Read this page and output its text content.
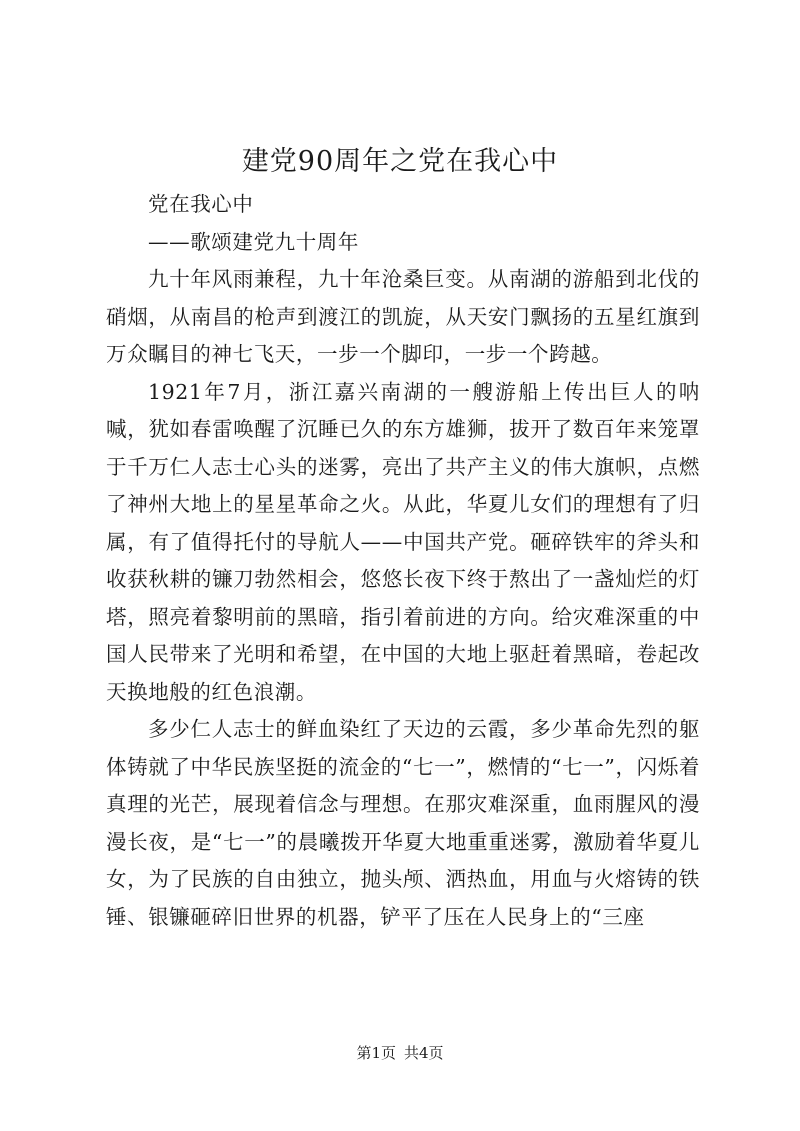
建党90周年之党在我心中

党在我心中

——歌颂建党九十周年

九十年风雨兼程，九十年沧桑巨变。从南湖的游船到北伐的硝烟，从南昌的枪声到渡江的凯旋，从天安门飘扬的五星红旗到万众瞩目的神七飞天，一步一个脚印，一步一个跨越。

1921年7月，浙江嘉兴南湖的一艘游船上传出巨人的呐喊，犹如春雷唤醒了沉睡已久的东方雄狮，拔开了数百年来笼罩于千万仁人志士心头的迷雾，亮出了共产主义的伟大旗帜，点燃了神州大地上的星星革命之火。从此，华夏儿女们的理想有了归属，有了值得托付的导航人——中国共产党。砸碎铁牢的斧头和收获秋耕的镰刀勃然相会，悠悠长夜下终于熬出了一盏灿烂的灯塔，照亮着黎明前的黑暗，指引着前进的方向。给灾难深重的中国人民带来了光明和希望，在中国的大地上驱赶着黑暗，卷起改天换地般的红色浪潮。

多少仁人志士的鲜血染红了天边的云霞，多少革命先烈的躯体铸就了中华民族坚挺的流金的“七一”，燃情的“七一”，闪烁着真理的光芒，展现着信念与理想。在那灾难深重，血雨腥风的漫漫长夜，是“七一”的晨曦拨开华夏大地重重迷雾，激励着华夏儿女，为了民族的自由独立，抛头颅、洒热血，用血与火熔铸的铁锤、银镰砸碎旧世界的机器，铲平了压在人民身上的“三座

第1页 共4页
